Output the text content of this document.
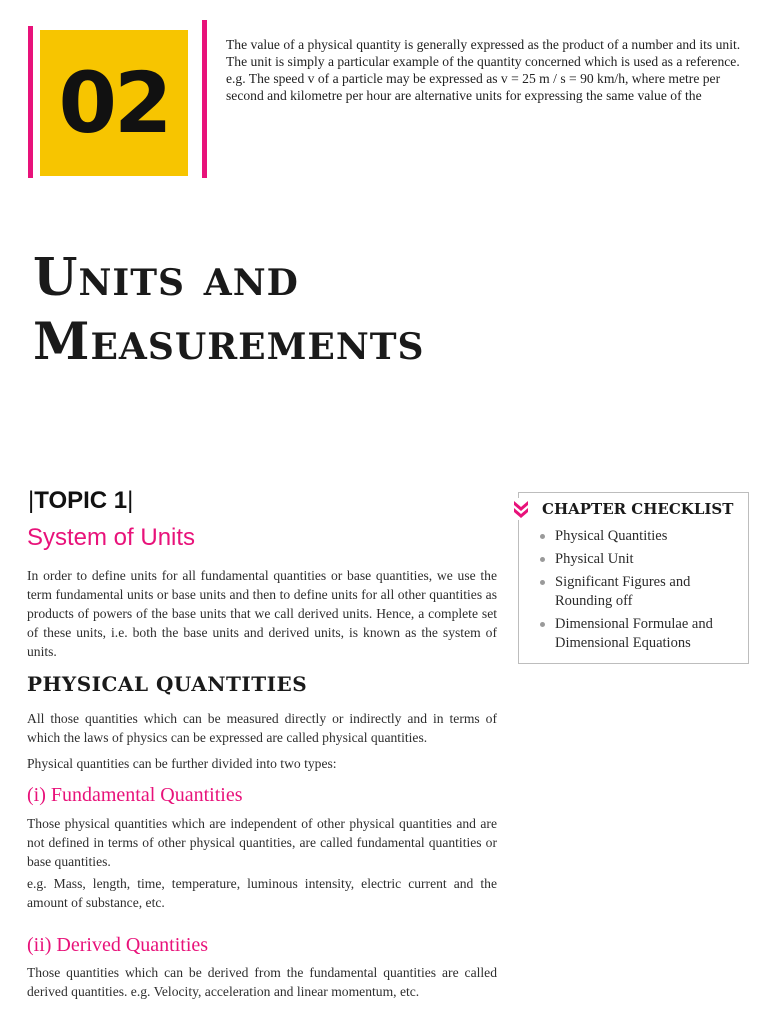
02

The value of a physical quantity is generally expressed as the product of a number and its unit. The unit is simply a particular example of the quantity concerned which is used as a reference.

e.g. The speed v of a particle may be expressed as v = 25 m / s = 90 km/h, where metre per second and kilometre per hour are alternative units for expressing the same value of the

Units and
Measurements
|TOPIC 1|
System of Units

In order to define units for all fundamental quantities or base quantities, we use the term fundamental units or base units and then to define units for all other quantities as products of powers of the base units that we call derived units. Hence, a complete set of these units, i.e. both the base units and derived units, is known as the system of units.

PHYSICAL QUANTITIES

All those quantities which can be measured directly or indirectly and in terms of which the laws of physics can be expressed are called physical quantities.

Physical quantities can be further divided into two types:

(i) Fundamental Quantities

Those physical quantities which are independent of other physical quantities and are not defined in terms of other physical quantities, are called fundamental quantities or base quantities.

e.g. Mass, length, time, temperature, luminous intensity, electric current and the amount of substance, etc.

(ii) Derived Quantities

Those quantities which can be derived from the fundamental quantities are called derived quantities. e.g. Velocity, acceleration and linear momentum, etc.

Physical Quantities
Physical Unit
Significant Figures and Rounding off
Dimensional Formulae and Dimensional Equations
CHAPTER CHECKLIST
